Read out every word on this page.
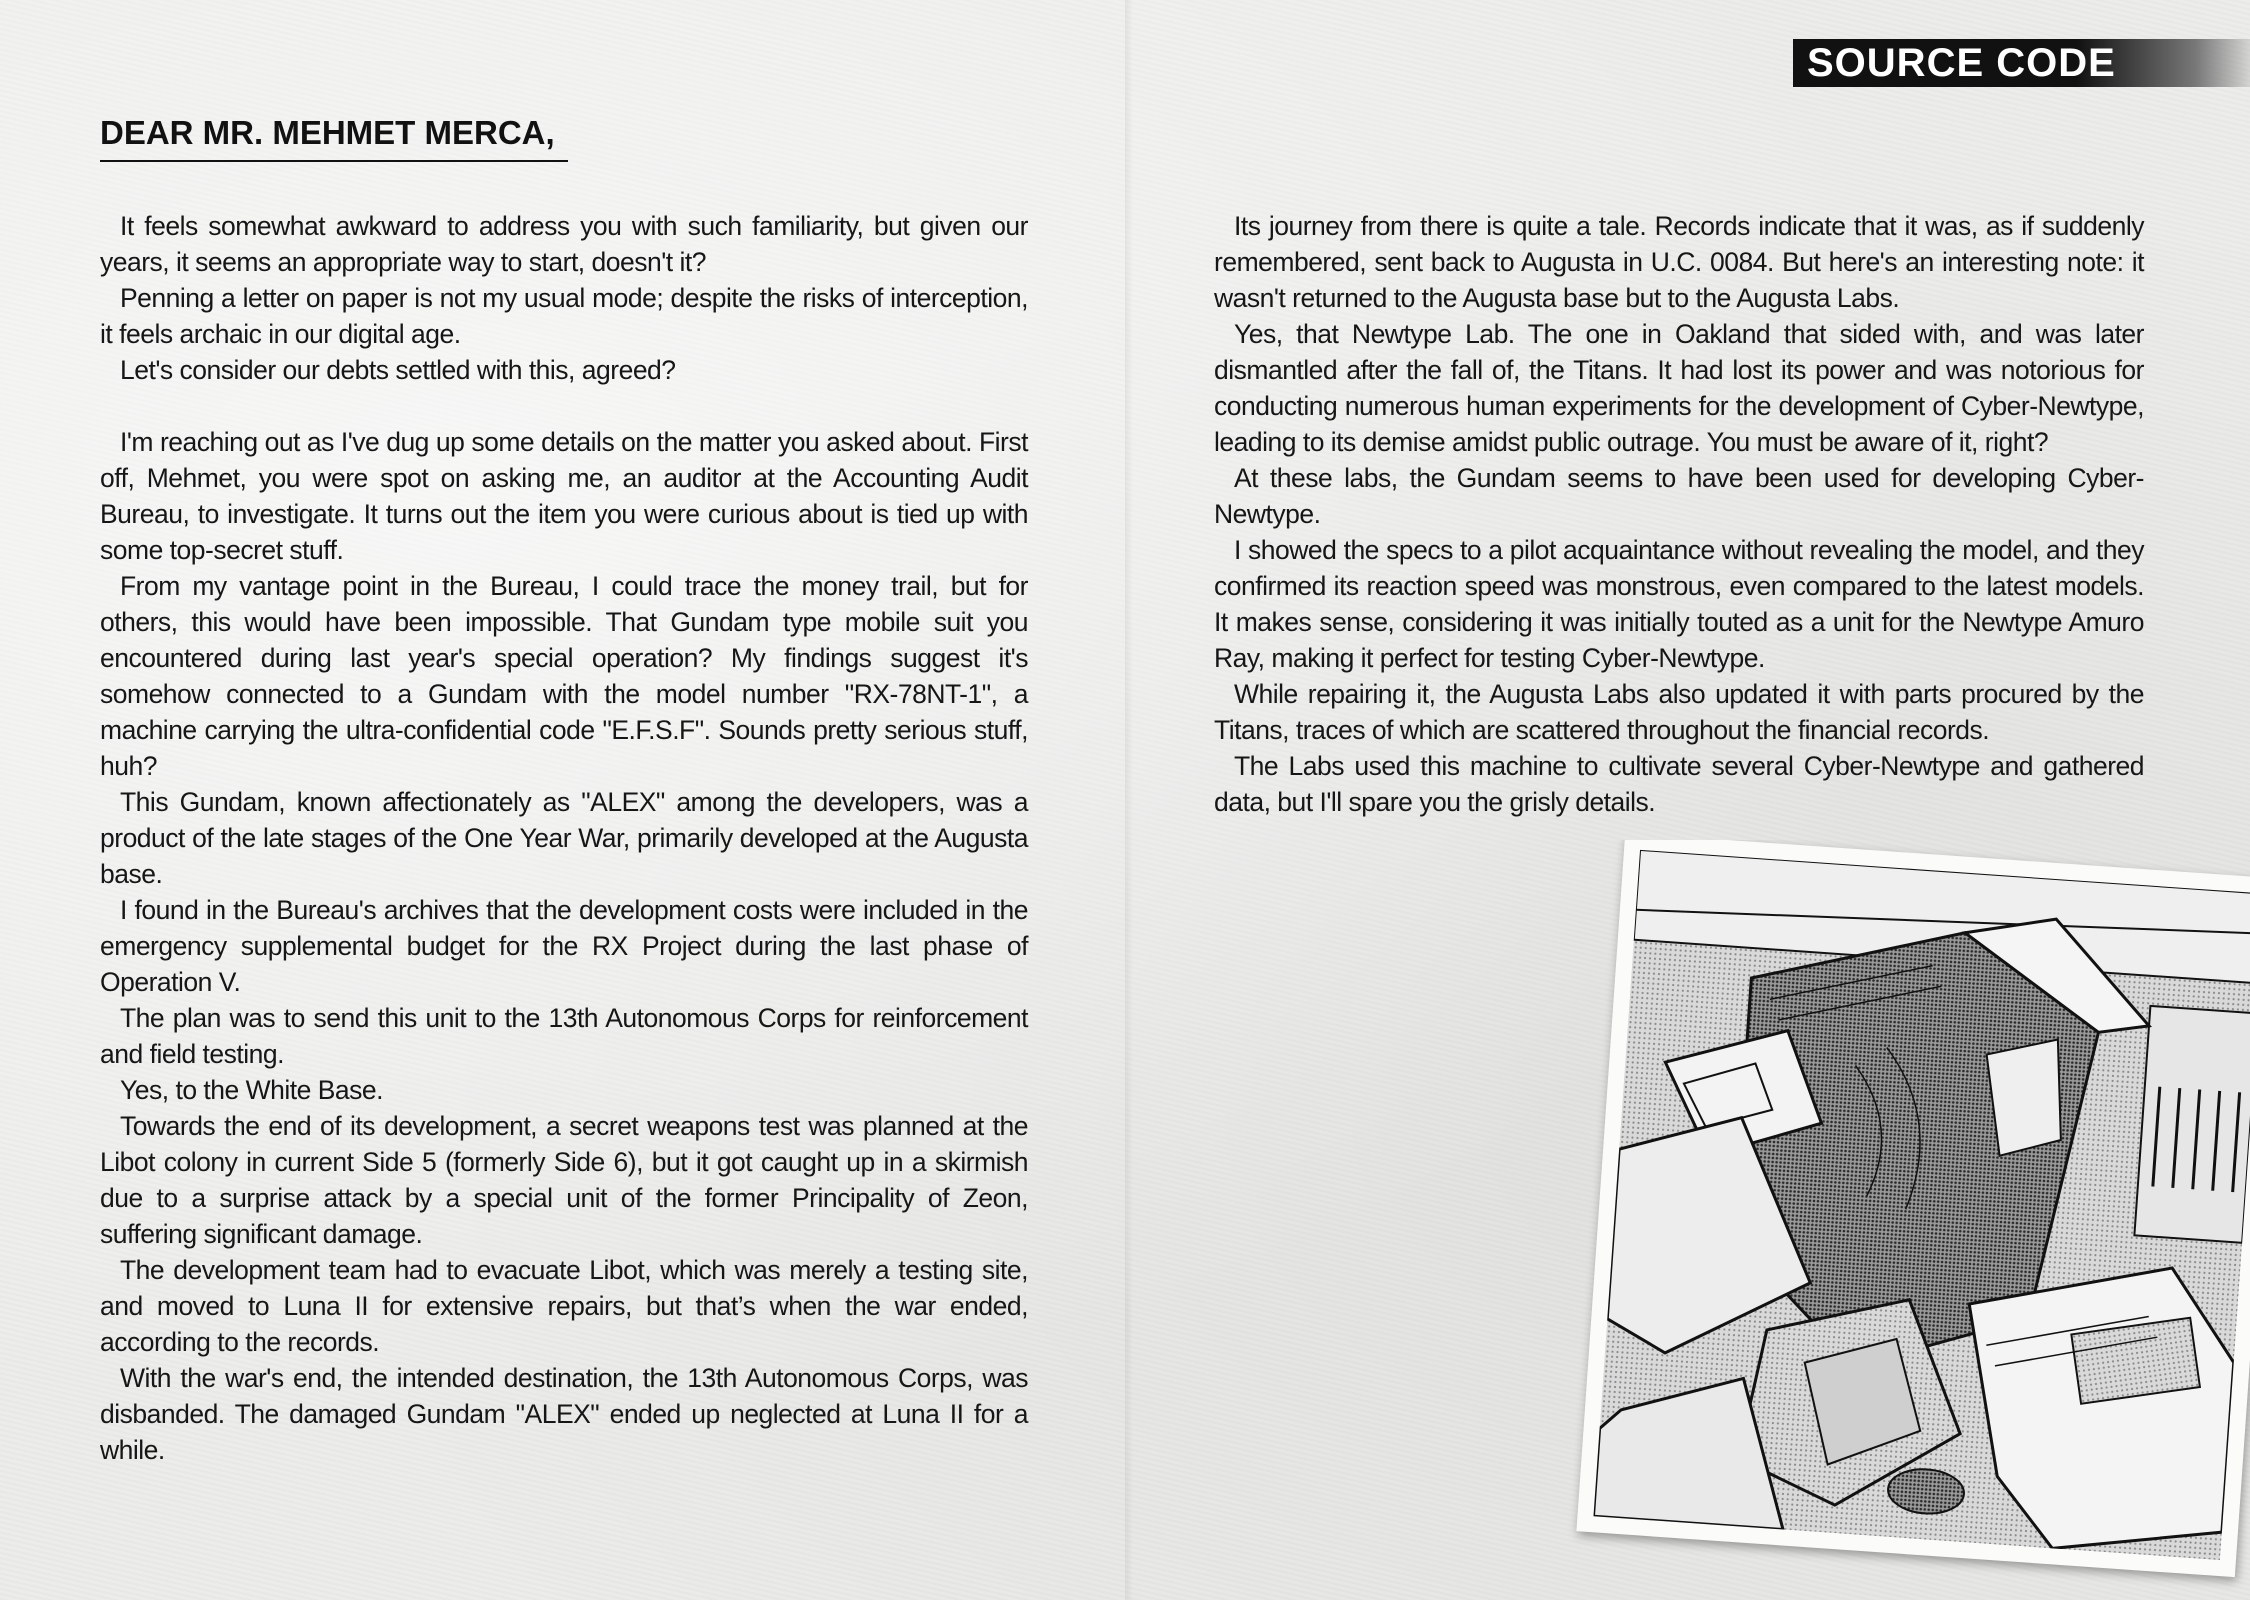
SOURCE CODE
DEAR MR. MEHMET MERCA,

It feels somewhat awkward to address you with such familiarity, but given our years, it seems an appropriate way to start, doesn't it?

Penning a letter on paper is not my usual mode; despite the risks of interception, it feels archaic in our digital age.

Let's consider our debts settled with this, agreed?

I'm reaching out as I've dug up some details on the matter you asked about. First off, Mehmet, you were spot on asking me, an auditor at the Accounting Audit Bureau, to investigate. It turns out the item you were curious about is tied up with some top-secret stuff.

From my vantage point in the Bureau, I could trace the money trail, but for others, this would have been impossible. That Gundam type mobile suit you encountered during last year's special operation? My findings suggest it's somehow connected to a Gundam with the model number "RX-78NT-1", a machine carrying the ultra-confidential code "E.F.S.F". Sounds pretty serious stuff, huh?

This Gundam, known affectionately as "ALEX" among the developers, was a product of the late stages of the One Year War, primarily developed at the Augusta base.

I found in the Bureau's archives that the development costs were included in the emergency supplemental budget for the RX Project during the last phase of Operation V.

The plan was to send this unit to the 13th Autonomous Corps for reinforcement and field testing.

Yes, to the White Base.

Towards the end of its development, a secret weapons test was planned at the Libot colony in current Side 5 (formerly Side 6), but it got caught up in a skirmish due to a surprise attack by a special unit of the former Principality of Zeon, suffering significant damage.

The development team had to evacuate Libot, which was merely a testing site, and moved to Luna II for extensive repairs, but that’s when the war ended, according to the records.

With the war's end, the intended destination, the 13th Autonomous Corps, was disbanded. The damaged Gundam "ALEX" ended up neglected at Luna II for a while.

Its journey from there is quite a tale. Records indicate that it was, as if suddenly remembered, sent back to Augusta in U.C. 0084. But here's an interesting note: it wasn't returned to the Augusta base but to the Augusta Labs.

Yes, that Newtype Lab. The one in Oakland that sided with, and was later dismantled after the fall of, the Titans. It had lost its power and was notorious for conducting numerous human experiments for the development of Cyber-Newtype, leading to its demise amidst public outrage. You must be aware of it, right?

At these labs, the Gundam seems to have been used for developing Cyber-Newtype.

I showed the specs to a pilot acquaintance without revealing the model, and they confirmed its reaction speed was monstrous, even compared to the latest models. It makes sense, considering it was initially touted as a unit for the Newtype Amuro Ray, making it perfect for testing Cyber-Newtype.

While repairing it, the Augusta Labs also updated it with parts procured by the Titans, traces of which are scattered throughout the financial records.

The Labs used this machine to cultivate several Cyber-Newtype and gathered data, but I'll spare you the grisly details.
